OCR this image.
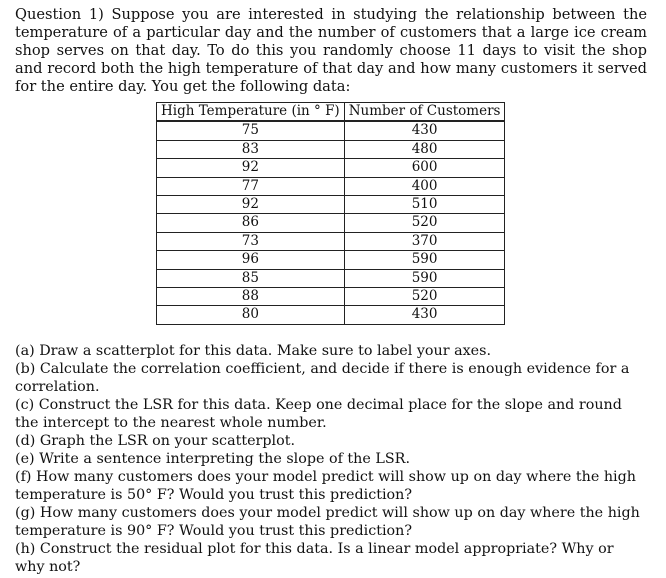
Question 1) Suppose you are interested in studying the relationship between the temperature of a particular day and the number of customers that a large ice cream shop serves on that day. To do this you randomly choose 11 days to visit the shop and record both the high temperature of that day and how many customers it served for the entire day. You get the following data:
High Temperature (in ° F)	Number of Customers
75	430
83	480
92	600
77	400
92	510
86	520
73	370
96	590
85	590
88	520
80	430

(a) Draw a scatterplot for this data. Make sure to label your axes.

(b) Calculate the correlation coefficient, and decide if there is enough evidence for a correlation.

(c) Construct the LSR for this data. Keep one decimal place for the slope and round the intercept to the nearest whole number.

(d) Graph the LSR on your scatterplot.

(e) Write a sentence interpreting the slope of the LSR.

(f) How many customers does your model predict will show up on day where the high temperature is 50° F? Would you trust this prediction?

(g) How many customers does your model predict will show up on day where the high temperature is 90° F? Would you trust this prediction?

(h) Construct the residual plot for this data. Is a linear model appropriate? Why or why not?
